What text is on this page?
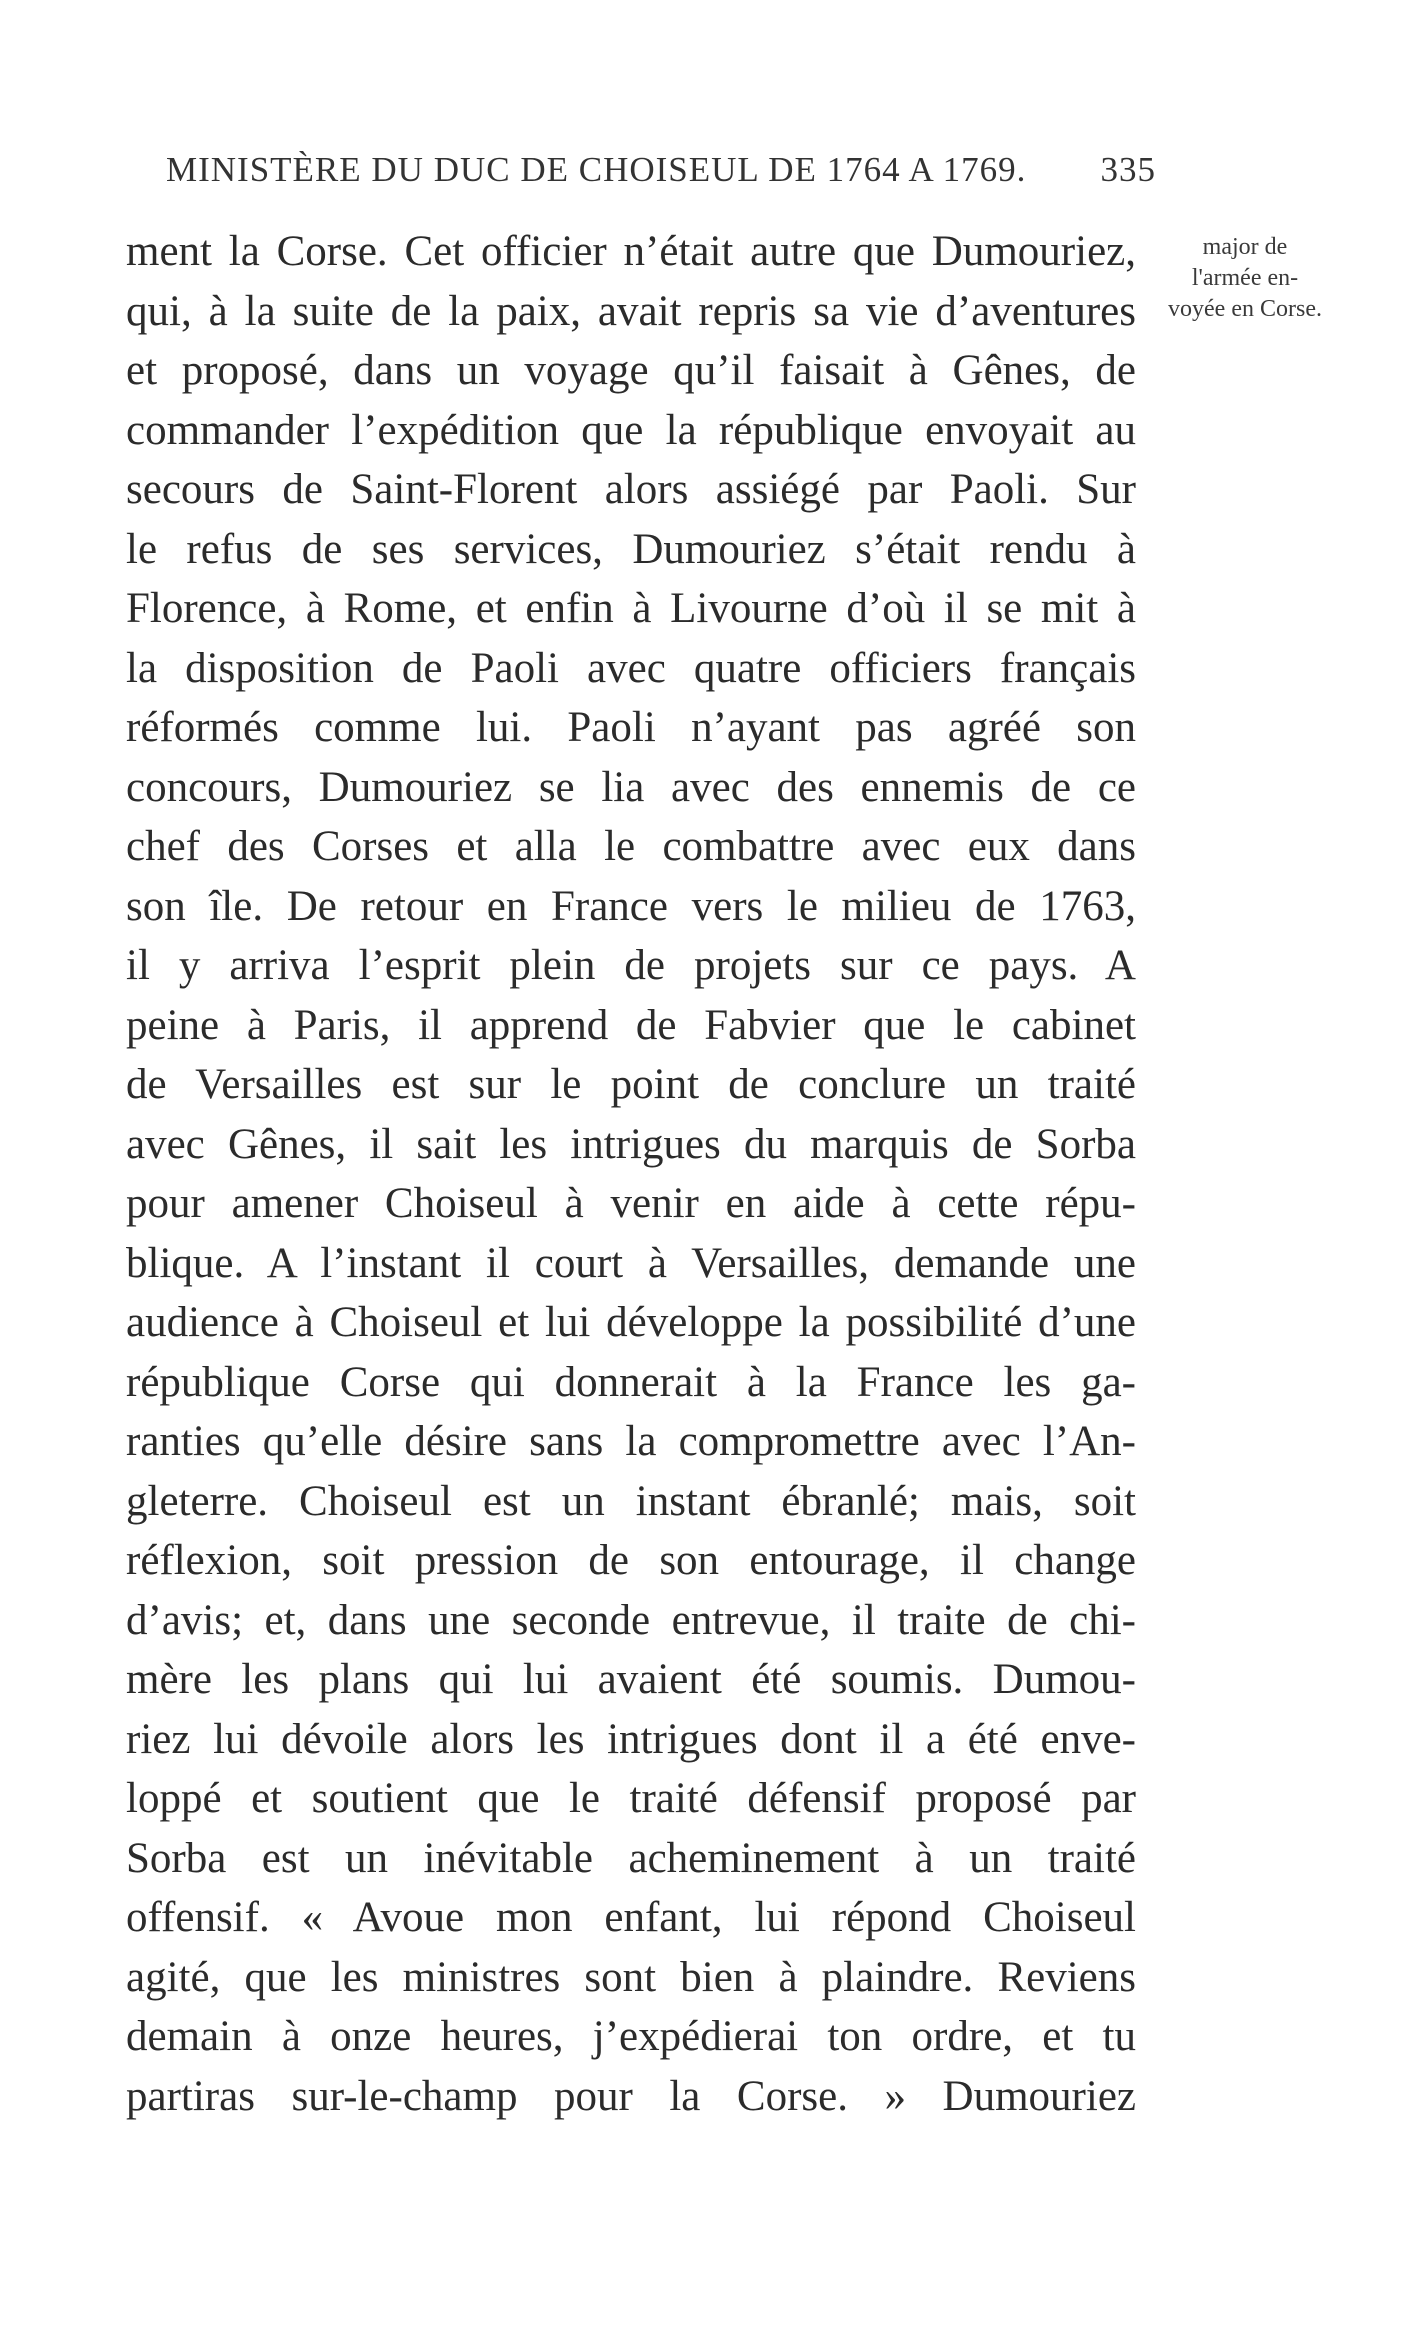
MINISTÈRE DU DUC DE CHOISEUL DE 1764 A 1769. 335
major de
l'armée en-
voyée en Corse.
ment la Corse. Cet officier n’était autre que Dumouriez,
qui, à la suite de la paix, avait repris sa vie d’aventures
et proposé, dans un voyage qu’il faisait à Gênes, de
commander l’expédition que la république envoyait au
secours de Saint-Florent alors assiégé par Paoli. Sur
le refus de ses services, Dumouriez s’était rendu à
Florence, à Rome, et enfin à Livourne d’où il se mit à
la disposition de Paoli avec quatre officiers français
réformés comme lui. Paoli n’ayant pas agréé son
concours, Dumouriez se lia avec des ennemis de ce
chef des Corses et alla le combattre avec eux dans
son île. De retour en France vers le milieu de 1763,
il y arriva l’esprit plein de projets sur ce pays. A
peine à Paris, il apprend de Fabvier que le cabinet
de Versailles est sur le point de conclure un traité
avec Gênes, il sait les intrigues du marquis de Sorba
pour amener Choiseul à venir en aide à cette répu-
blique. A l’instant il court à Versailles, demande une
audience à Choiseul et lui développe la possibilité d’une
république Corse qui donnerait à la France les ga-
ranties qu’elle désire sans la compromettre avec l’An-
gleterre. Choiseul est un instant ébranlé; mais, soit
réflexion, soit pression de son entourage, il change
d’avis; et, dans une seconde entrevue, il traite de chi-
mère les plans qui lui avaient été soumis. Dumou-
riez lui dévoile alors les intrigues dont il a été enve-
loppé et soutient que le traité défensif proposé par
Sorba est un inévitable acheminement à un traité
offensif. « Avoue mon enfant, lui répond Choiseul
agité, que les ministres sont bien à plaindre. Reviens
demain à onze heures, j’expédierai ton ordre, et tu
partiras sur-le-champ pour la Corse. » Dumouriez
